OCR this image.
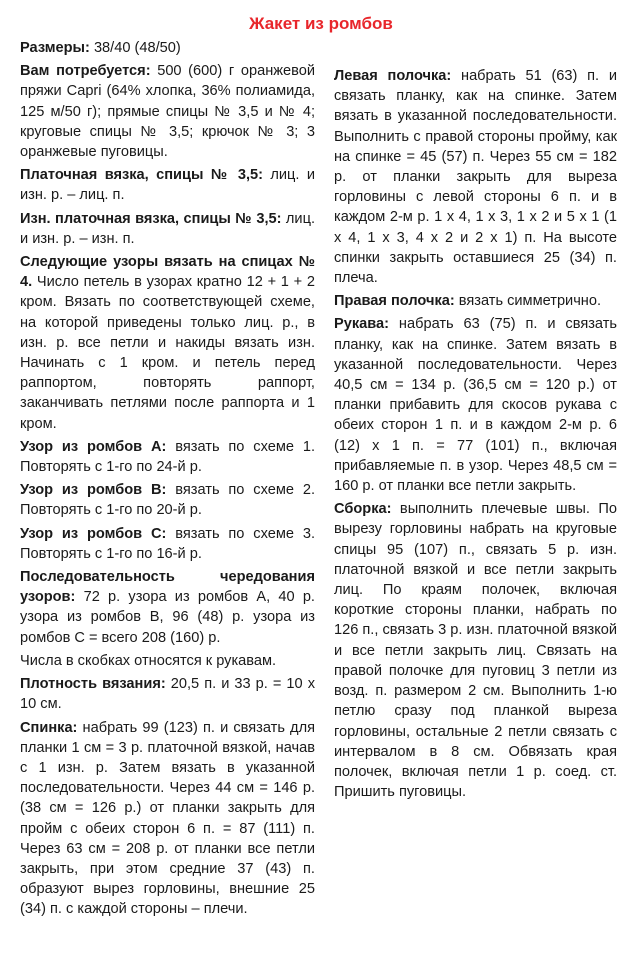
Жакет из ромбов

Размеры: 38/40 (48/50)

Вам потребуется: 500 (600) г оранжевой пряжи Capri (64% хлопка, 36% полиамида, 125 м/50 г); прямые спицы № 3,5 и № 4; круговые спицы № 3,5; крючок № 3; 3 оранжевые пуговицы.

Платочная вязка, спицы № 3,5: лиц. и изн. р. – лиц. п.

Изн. платочная вязка, спицы № 3,5: лиц. и изн. р. – изн. п.

Следующие узоры вязать на спицах № 4. Число петель в узорах кратно 12 + 1 + 2 кром. Вязать по соответствующей схеме, на которой приведены только лиц. р., в изн. р. все петли и накиды вязать изн. Начинать с 1 кром. и петель перед раппортом, повторять раппорт, заканчивать петлями после раппорта и 1 кром.

Узор из ромбов А: вязать по схеме 1. Повторять с 1-го по 24-й р.

Узор из ромбов В: вязать по схеме 2. Повторять с 1-го по 20-й р.

Узор из ромбов С: вязать по схеме 3. Повторять с 1-го по 16-й р.

Последовательность чередования узоров: 72 р. узора из ромбов А, 40 р. узора из ромбов В, 96 (48) р. узора из ромбов С = всего 208 (160) р.

Числа в скобках относятся к рукавам.

Плотность вязания: 20,5 п. и 33 р. = 10 х 10 см.

Спинка: набрать 99 (123) п. и связать для планки 1 см = 3 р. платочной вязкой, начав с 1 изн. р. Затем вязать в указанной последовательности. Через 44 см = 146 р. (38 см = 126 р.) от планки закрыть для пройм с обеих сторон 6 п. = 87 (111) п. Через 63 см = 208 р. от планки все петли закрыть, при этом средние 37 (43) п. образуют вырез горловины, внешние 25 (34) п. с каждой стороны – плечи.

Левая полочка: набрать 51 (63) п. и связать планку, как на спинке. Затем вязать в указанной последовательности. Выполнить с правой стороны пройму, как на спинке = 45 (57) п. Через 55 см = 182 р. от планки закрыть для выреза горловины с левой стороны 6 п. и в каждом 2-м р. 1 х 4, 1 х 3, 1 х 2 и 5 х 1 (1 х 4, 1 х 3, 4 х 2 и 2 х 1) п. На высоте спинки закрыть оставшиеся 25 (34) п. плеча.

Правая полочка: вязать симметрично.

Рукава: набрать 63 (75) п. и связать планку, как на спинке. Затем вязать в указанной последовательности. Через 40,5 см = 134 р. (36,5 см = 120 р.) от планки прибавить для скосов рукава с обеих сторон 1 п. и в каждом 2-м р. 6 (12) х 1 п. = 77 (101) п., включая прибавляемые п. в узор. Через 48,5 см = 160 р. от планки все петли закрыть.

Сборка: выполнить плечевые швы. По вырезу горловины набрать на круговые спицы 95 (107) п., связать 5 р. изн. платочной вязкой и все петли закрыть лиц. По краям полочек, включая короткие стороны планки, набрать по 126 п., связать 3 р. изн. платочной вязкой и все петли закрыть лиц. Связать на правой полочке для пуговиц 3 петли из возд. п. размером 2 см. Выполнить 1-ю петлю сразу под планкой выреза горловины, остальные 2 петли связать с интервалом в 8 см. Обвязать края полочек, включая петли 1 р. соед. ст. Пришить пуговицы.
